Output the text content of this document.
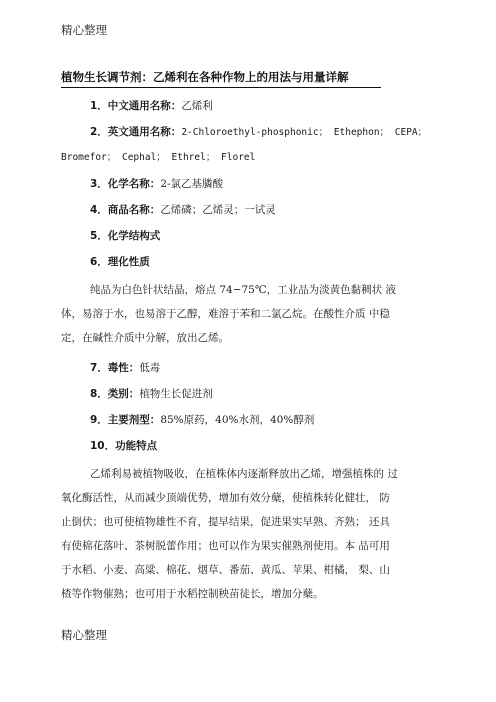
精心整理
植物生长调节剂：乙烯利在各种作物上的用法与用量详解
1．中文通用名称：乙烯利
2．英文通用名称：2-Chloroethyl-phosphonic； Ethephon； CEPA；
Bromefor； Cephal； Ethrel； Florel
3．化学名称：2-氯乙基膦酸
4．商品名称：乙烯磷；乙烯灵；一试灵
5．化学结构式
6．理化性质
纯品为白色针状结晶，熔点 74−75℃，工业品为淡黄色黏稠状 液
体，易溶于水，也易溶于乙醇，难溶于苯和二氯乙烷。在酸性介质 中稳
定，在碱性介质中分解，放出乙烯。
7．毒性：低毒
8．类别：植物生长促进剂
9．主要剂型：85%原药，40%水剂，40%醇剂
10．功能特点
乙烯利易被植物吸收，在植株体内逐渐释放出乙烯，增强植株的 过
氧化酶活性，从而减少顶端优势，增加有效分蘖，使植株转化健壮， 防
止倒伏；也可使植物雄性不育，提早结果，促进果实早熟、齐熟； 还具
有使棉花落叶、茶树脱蕾作用；也可以作为果实催熟剂使用。本 品可用
于水稻、小麦、高粱、棉花、烟草、番茄、黄瓜、苹果、柑橘， 梨、山
楂等作物催熟；也可用于水稻控制秧苗徒长，增加分蘖。
精心整理
